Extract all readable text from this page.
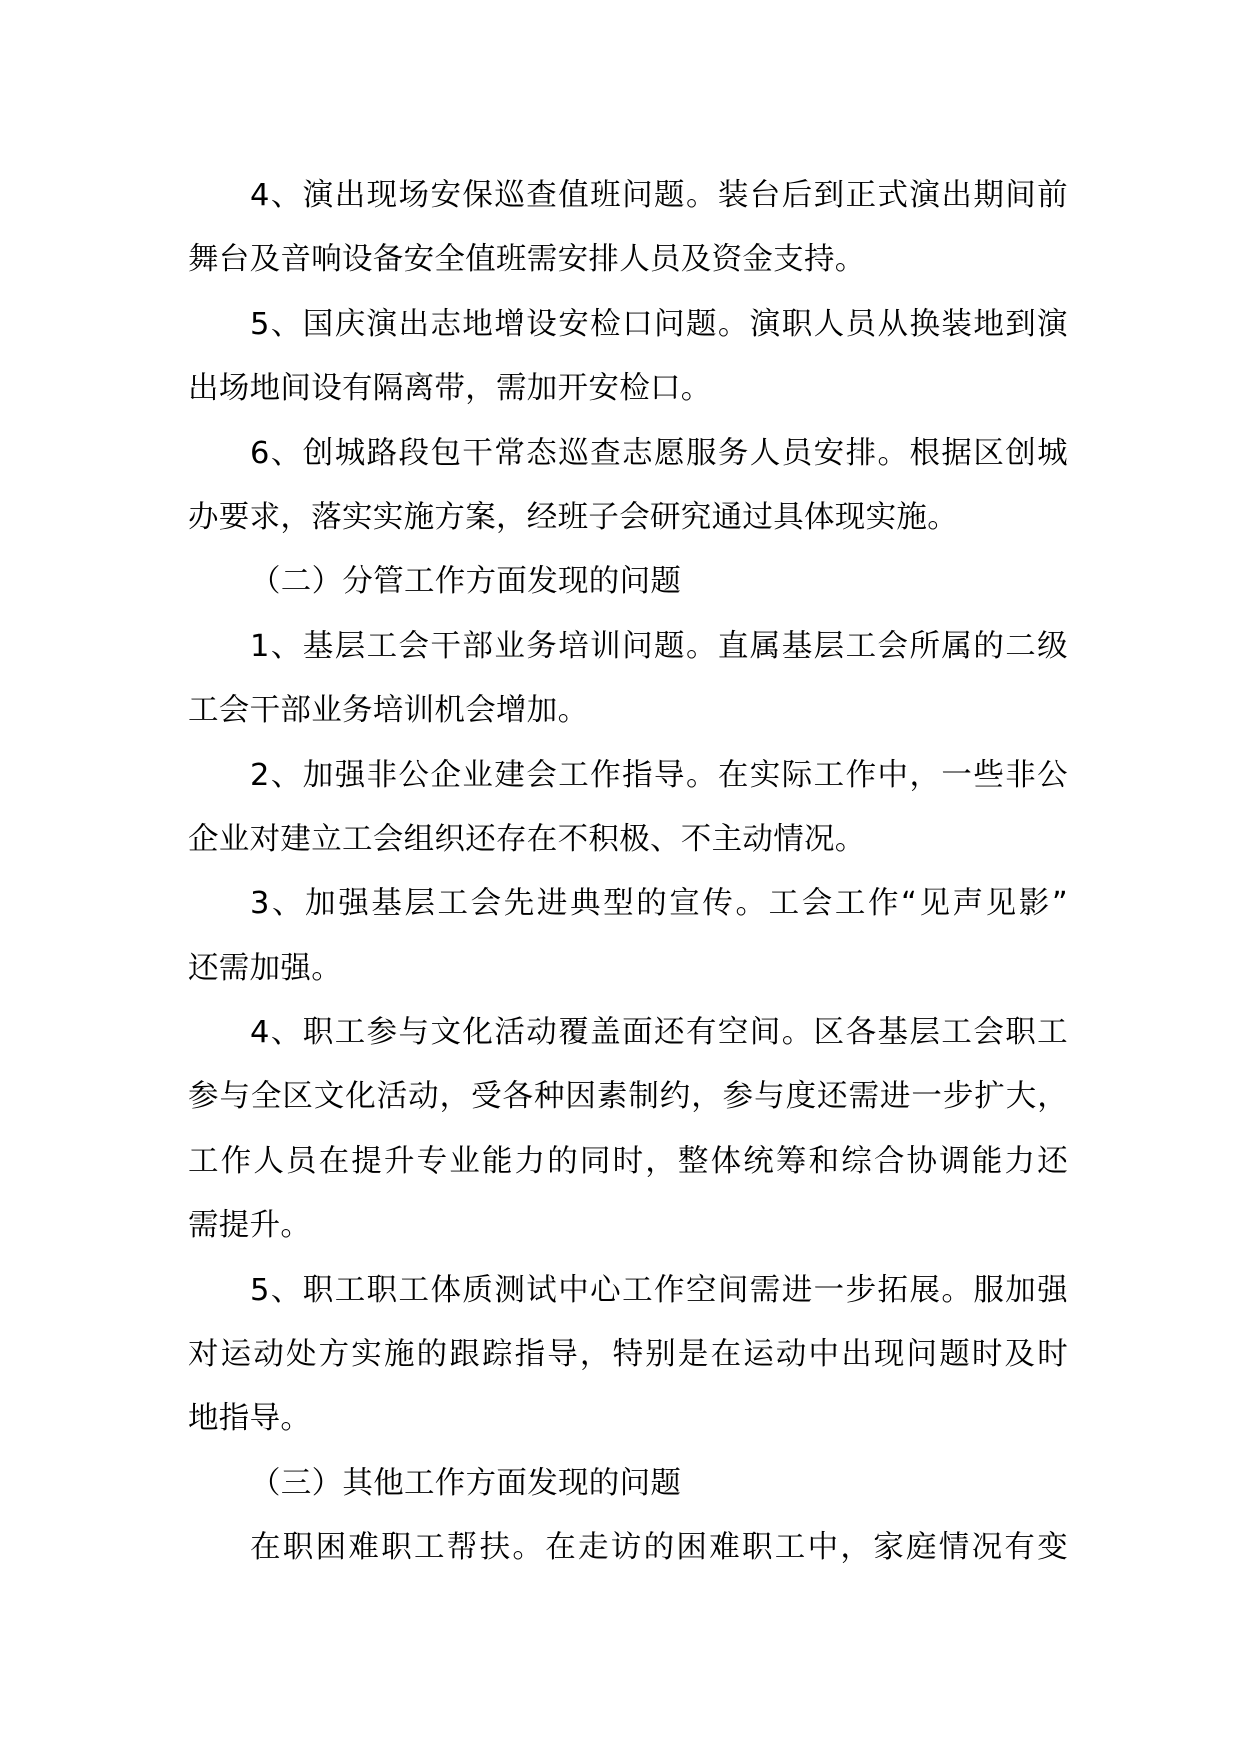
4、演出现场安保巡查值班问题。装台后到正式演出期间前
舞台及音响设备安全值班需安排人员及资金支持。
5、国庆演出志地增设安检口问题。演职人员从换装地到演
出场地间设有隔离带，需加开安检口。
6、创城路段包干常态巡查志愿服务人员安排。根据区创城
办要求，落实实施方案，经班子会研究通过具体现实施。
（二）分管工作方面发现的问题
1、基层工会干部业务培训问题。直属基层工会所属的二级
工会干部业务培训机会增加。
2、加强非公企业建会工作指导。在实际工作中，一些非公
企业对建立工会组织还存在不积极、不主动情况。
3、加强基层工会先进典型的宣传。工会工作“见声见影”
还需加强。
4、职工参与文化活动覆盖面还有空间。区各基层工会职工
参与全区文化活动，受各种因素制约，参与度还需进一步扩大，
工作人员在提升专业能力的同时，整体统筹和综合协调能力还
需提升。
5、职工职工体质测试中心工作空间需进一步拓展。服加强
对运动处方实施的跟踪指导，特别是在运动中出现问题时及时
地指导。
（三）其他工作方面发现的问题
在职困难职工帮扶。在走访的困难职工中，家庭情况有变
